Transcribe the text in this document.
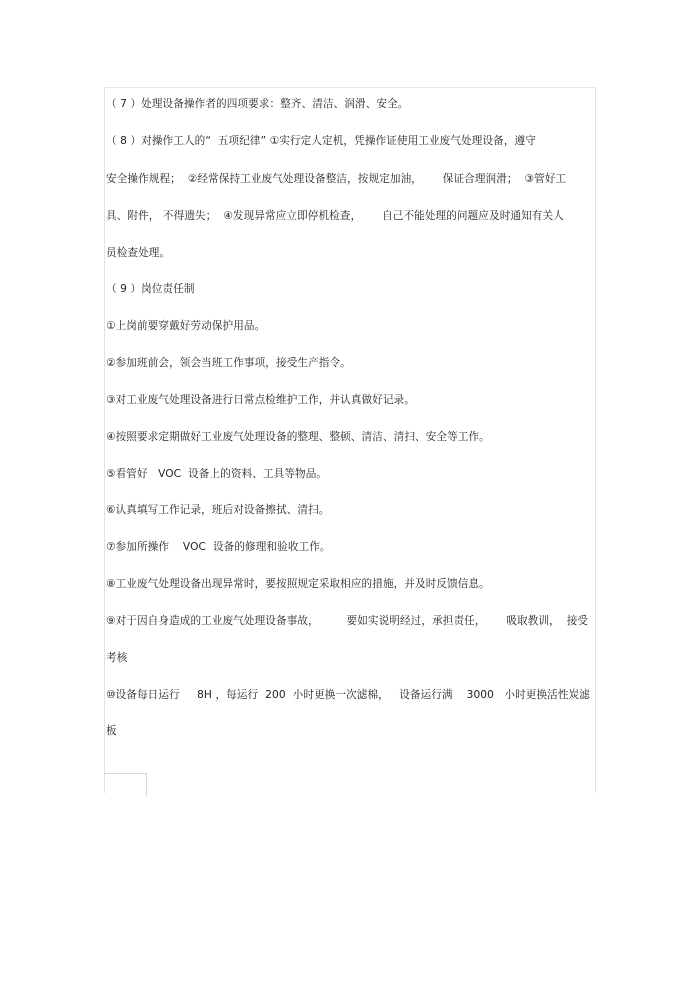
（ 7 ）处理设备操作者的四项要求：整齐、清洁、润滑、安全。
（ 8 ）对操作工人的“  五项纪律” ①实行定人定机，凭操作证使用工业废气处理设备，遵守
安全操作规程；  ②经常保持工业废气处理设备整洁，按规定加油，      保证合理润滑；  ③管好工
具、附件， 不得遗失；  ④发现异常应立即停机检查，      自己不能处理的问题应及时通知有关人
员检查处理。
（ 9 ）岗位责任制
①上岗前要穿戴好劳动保护用品。
②参加班前会，领会当班工作事项，接受生产指令。
③对工业废气处理设备进行日常点检维护工作，并认真做好记录。
④按照要求定期做好工业废气处理设备的整理、整顿、清洁、清扫、安全等工作。
⑤看管好   VOC  设备上的资料、工具等物品。
⑥认真填写工作记录，班后对设备擦拭、清扫。
⑦参加所操作    VOC  设备的修理和验收工作。
⑧工业废气处理设备出现异常时，要按照规定采取相应的措施，并及时反馈信息。
⑨对于因自身造成的工业废气处理设备事故，        要如实说明经过，承担责任，      吸取教训，  接受
考核
⑩设备每日运行     8H ，每运行  200  小时更换一次滤棉，   设备运行满    3000   小时更换活性炭滤
板
